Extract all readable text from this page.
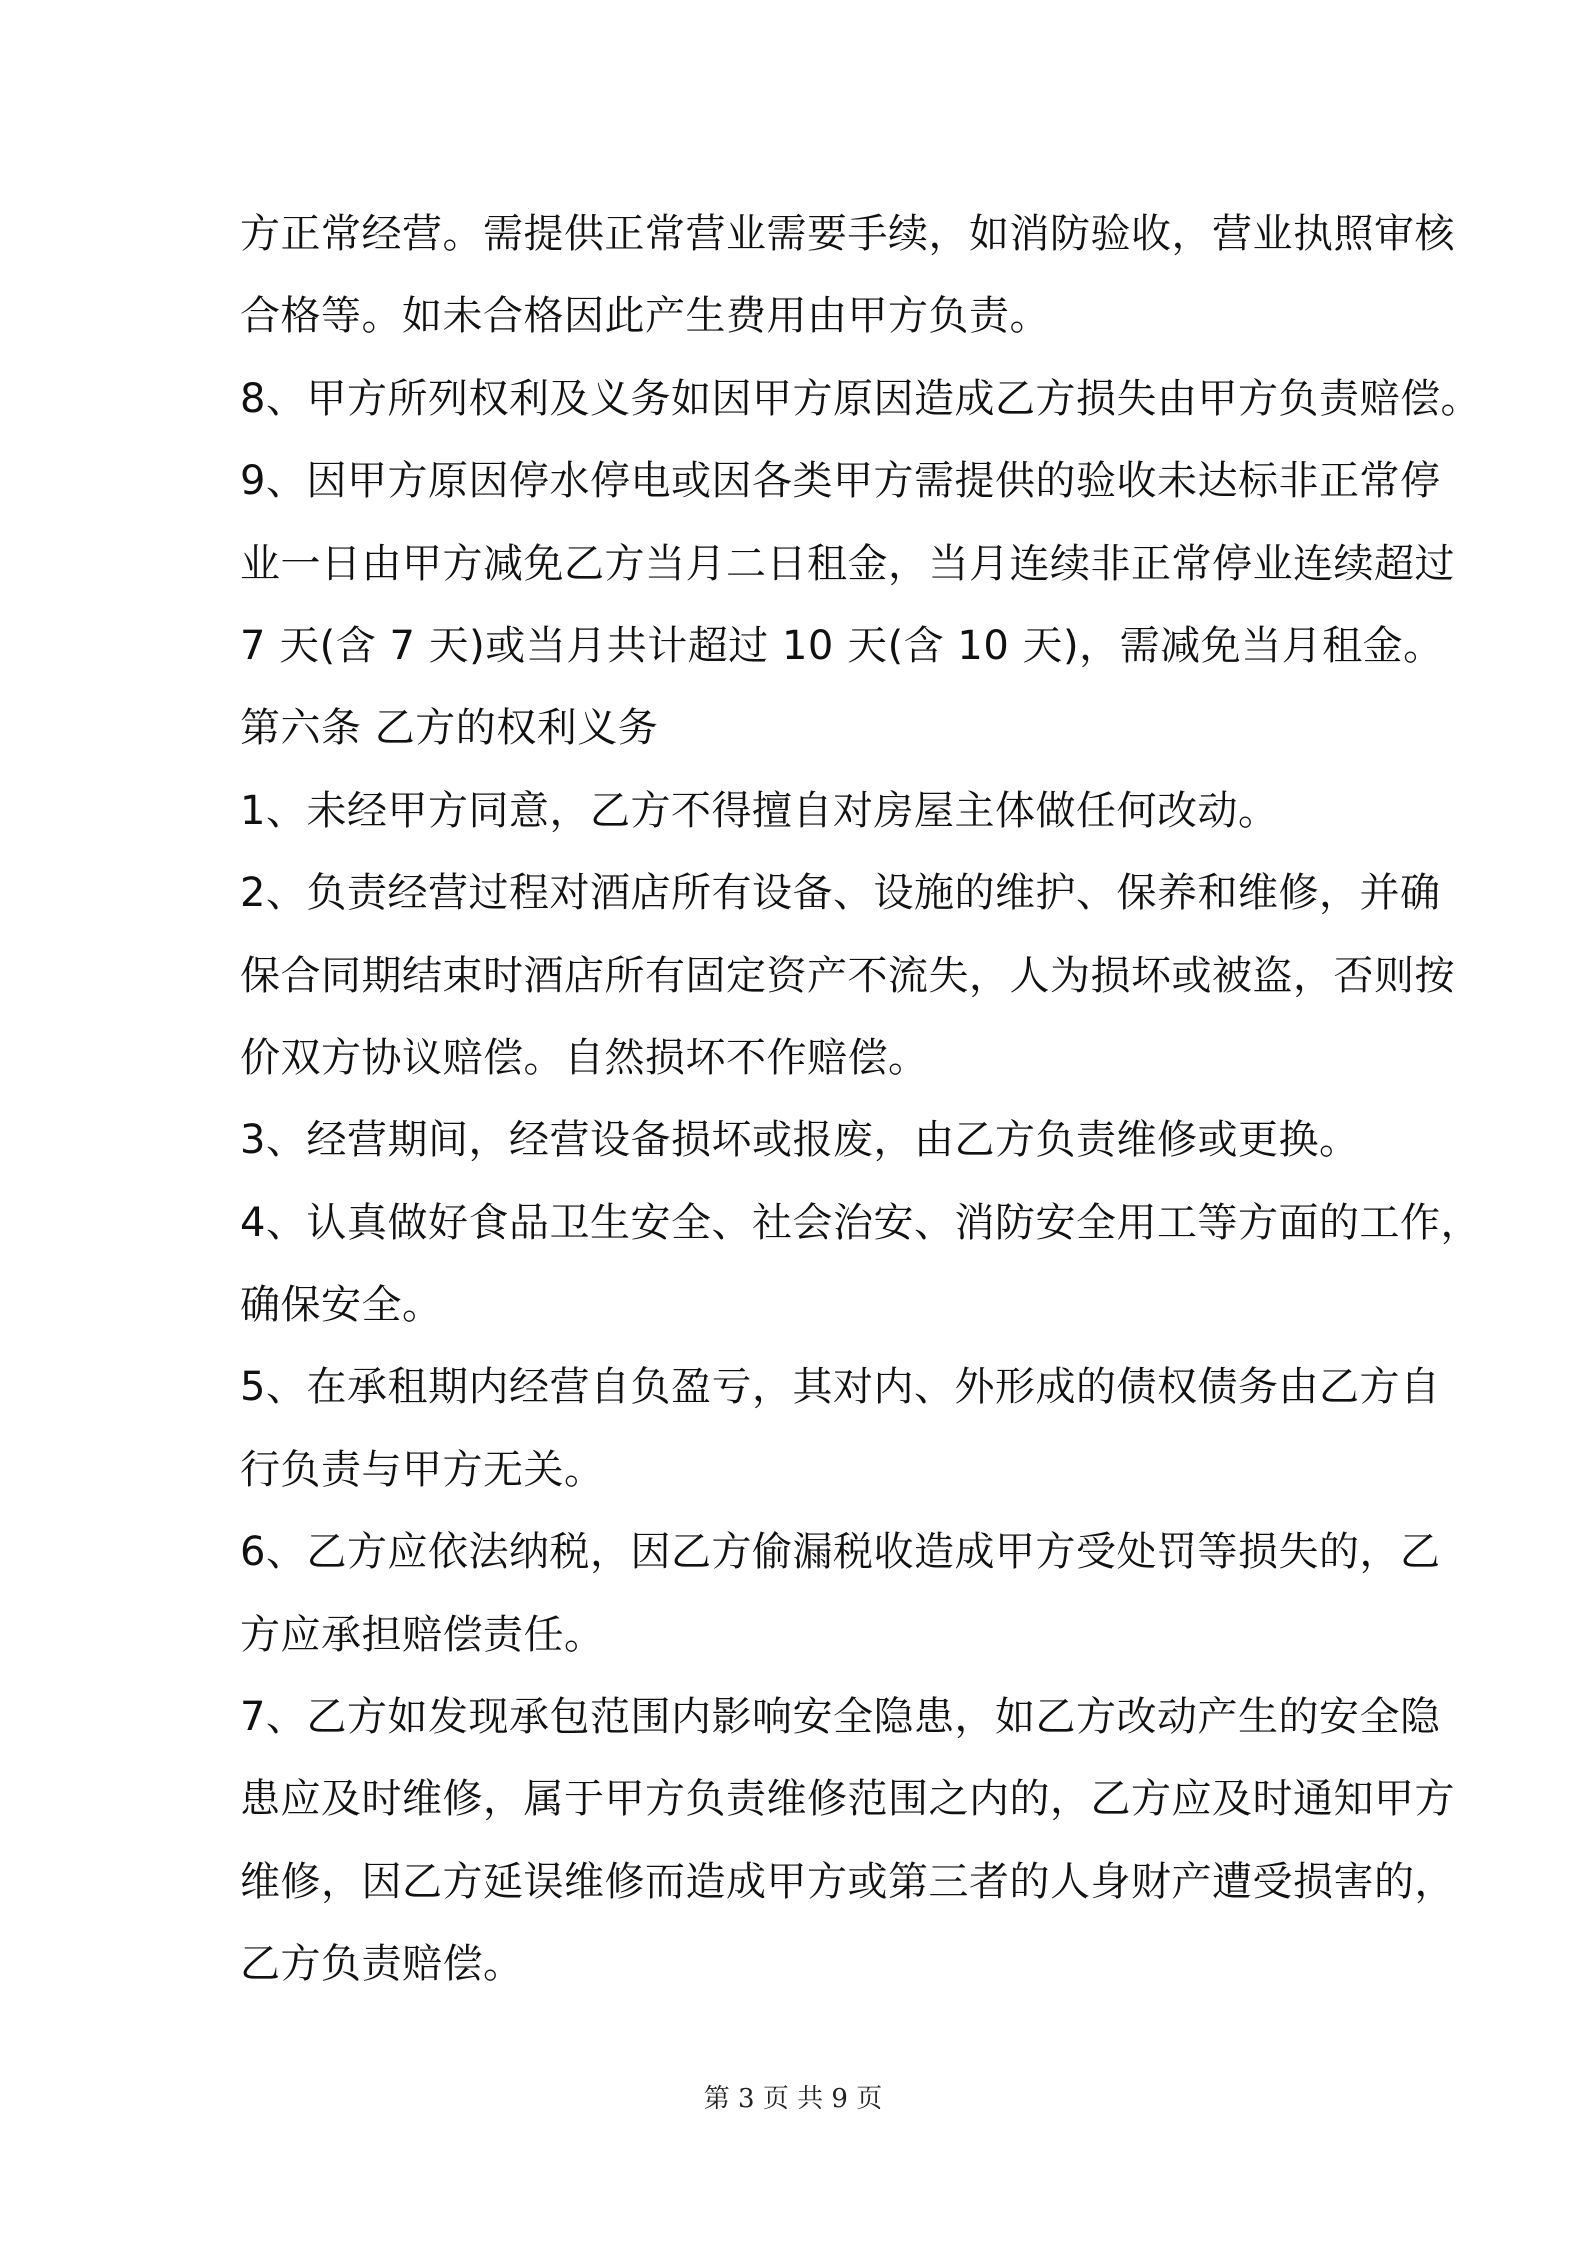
方正常经营。需提供正常营业需要手续，如消防验收，营业执照审核
合格等。如未合格因此产生费用由甲方负责。
8、甲方所列权利及义务如因甲方原因造成乙方损失由甲方负责赔偿。
9、因甲方原因停水停电或因各类甲方需提供的验收未达标非正常停
业一日由甲方减免乙方当月二日租金，当月连续非正常停业连续超过
7 天(含 7 天)或当月共计超过 10 天(含 10 天)，需减免当月租金。
第六条 乙方的权利义务
1、未经甲方同意，乙方不得擅自对房屋主体做任何改动。
2、负责经营过程对酒店所有设备、设施的维护、保养和维修，并确
保合同期结束时酒店所有固定资产不流失，人为损坏或被盗，否则按
价双方协议赔偿。自然损坏不作赔偿。
3、经营期间，经营设备损坏或报废，由乙方负责维修或更换。
4、认真做好食品卫生安全、社会治安、消防安全用工等方面的工作，
确保安全。
5、在承租期内经营自负盈亏，其对内、外形成的债权债务由乙方自
行负责与甲方无关。
6、乙方应依法纳税，因乙方偷漏税收造成甲方受处罚等损失的，乙
方应承担赔偿责任。
7、乙方如发现承包范围内影响安全隐患，如乙方改动产生的安全隐
患应及时维修，属于甲方负责维修范围之内的，乙方应及时通知甲方
维修，因乙方延误维修而造成甲方或第三者的人身财产遭受损害的，
乙方负责赔偿。
第 3 页 共 9 页
